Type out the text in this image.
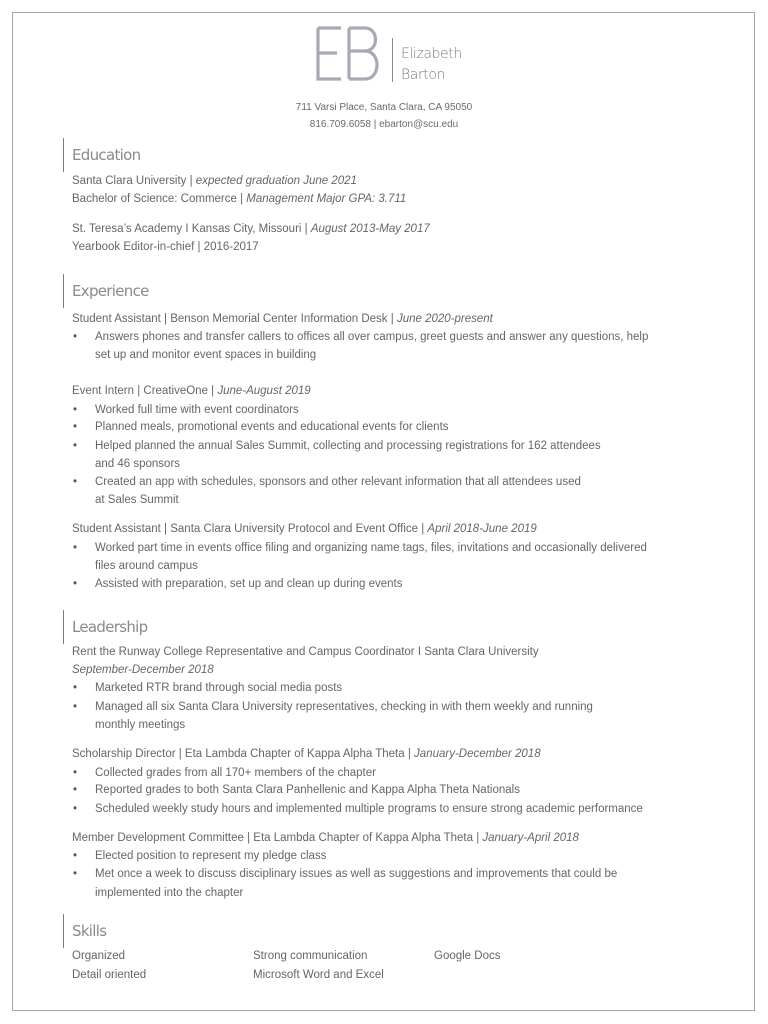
Elizabeth
Barton
711 Varsi Place, Santa Clara, CA 95050
816.709.6058 | ebarton@scu.edu
Education
Santa Clara University | expected graduation June 2021
Bachelor of Science: Commerce | Management Major GPA: 3.711
St. Teresa’s Academy I Kansas City, Missouri | August 2013-May 2017
Yearbook Editor-in-chief | 2016-2017
Experience
Student Assistant | Benson Memorial Center Information Desk | June 2020-present
• Answers phones and transfer callers to offices all over campus, greet guests and answer any questions, help
set up and monitor event spaces in building
Event Intern | CreativeOne | June-August 2019
• Worked full time with event coordinators
• Planned meals, promotional events and educational events for clients
• Helped planned the annual Sales Summit, collecting and processing registrations for 162 attendees
and 46 sponsors
• Created an app with schedules, sponsors and other relevant information that all attendees used
at Sales Summit
Student Assistant | Santa Clara University Protocol and Event Office | April 2018-June 2019
• Worked part time in events office filing and organizing name tags, files, invitations and occasionally delivered
files around campus
• Assisted with preparation, set up and clean up during events
Leadership
Rent the Runway College Representative and Campus Coordinator I Santa Clara University
September-December 2018
• Marketed RTR brand through social media posts
• Managed all six Santa Clara University representatives, checking in with them weekly and running
monthly meetings
Scholarship Director | Eta Lambda Chapter of Kappa Alpha Theta | January-December 2018
• Collected grades from all 170+ members of the chapter
• Reported grades to both Santa Clara Panhellenic and Kappa Alpha Theta Nationals
• Scheduled weekly study hours and implemented multiple programs to ensure strong academic performance
Member Development Committee | Eta Lambda Chapter of Kappa Alpha Theta | January-April 2018
• Elected position to represent my pledge class
• Met once a week to discuss disciplinary issues as well as suggestions and improvements that could be
implemented into the chapter
Skills
Organized
Detail oriented
Strong communication
Microsoft Word and Excel
Google Docs
